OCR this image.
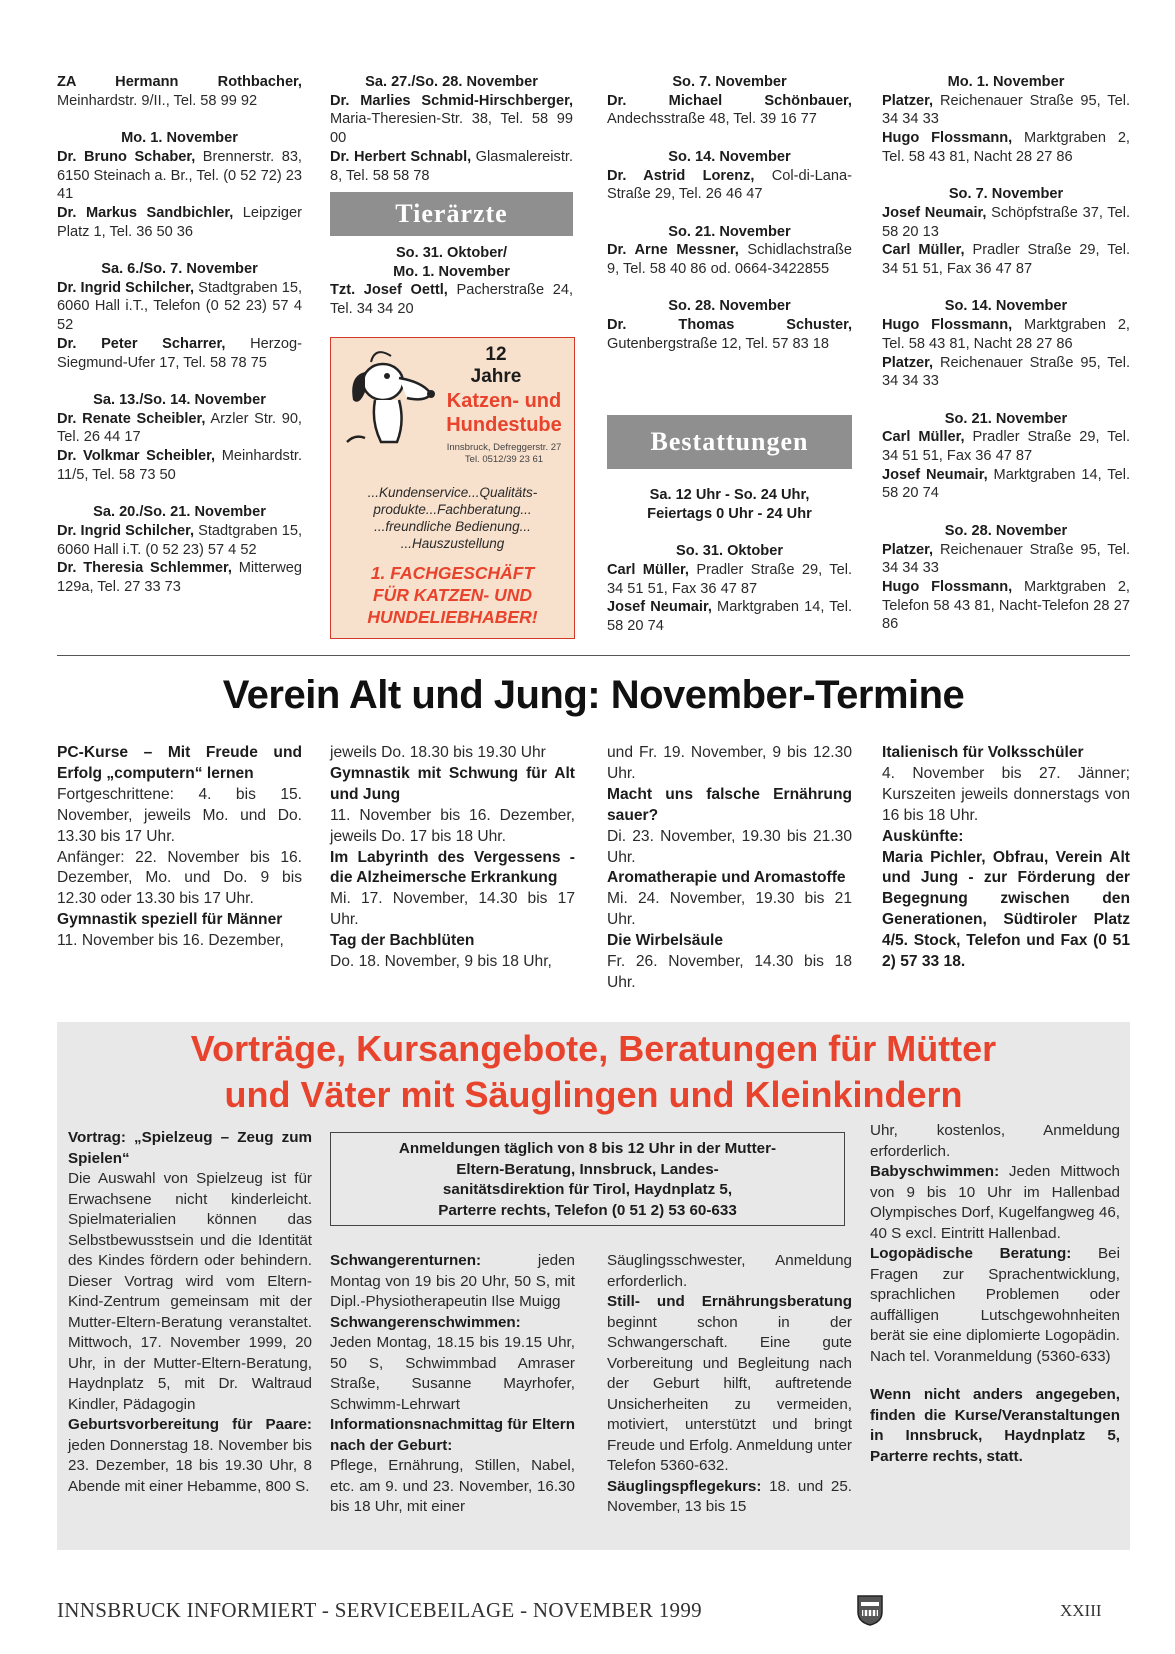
ZA Hermann Rothbacher, Meinhardstr. 9/II., Tel. 58 99 92

Mo. 1. November

Dr. Bruno Schaber, Brennerstr. 83, 6150 Steinach a. Br., Tel. (0 52 72) 23 41

Dr. Markus Sandbichler, Leipziger Platz 1, Tel. 36 50 36

Sa. 6./So. 7. November

Dr. Ingrid Schilcher, Stadtgraben 15, 6060 Hall i.T., Telefon (0 52 23) 57 4 52

Dr. Peter Scharrer, Herzog-Siegmund-Ufer 17, Tel. 58 78 75

Sa. 13./So. 14. November

Dr. Renate Scheibler, Arzler Str. 90, Tel. 26 44 17

Dr. Volkmar Scheibler, Meinhardstr. 11/5, Tel. 58 73 50

Sa. 20./So. 21. November

Dr. Ingrid Schilcher, Stadtgraben 15, 6060 Hall i.T. (0 52 23) 57 4 52

Dr. Theresia Schlemmer, Mitterweg 129a, Tel. 27 33 73

Sa. 27./So. 28. November

Dr. Marlies Schmid-Hirschberger, Maria-Theresien-Str. 38, Tel. 58 99 00

Dr. Herbert Schnabl, Glasmalereistr. 8, Tel. 58 58 78

Tierärzte

So. 31. Oktober/

Mo. 1. November

Tzt. Josef Oettl, Pacherstraße 24, Tel. 34 34 20

12
Jahre
Katzen- und
Hundestube
Innsbruck, Defreggerstr. 27
Tel. 0512/39 23 61
...Kundenservice...Qualitäts-
produkte...Fachberatung...
...freundliche Bedienung...
...Hauszustellung
1. FACHGESCHÄFT
FÜR KATZEN- UND
HUNDELIEBHABER!

So. 7. November

Dr. Michael Schönbauer, Andechsstraße 48, Tel. 39 16 77

So. 14. November

Dr. Astrid Lorenz, Col-di-Lana-Straße 29, Tel. 26 46 47

So. 21. November

Dr. Arne Messner, Schidlachstraße 9, Tel. 58 40 86 od. 0664-3422855

So. 28. November

Dr. Thomas Schuster, Gutenbergstraße 12, Tel. 57 83 18

Bestattungen

Sa. 12 Uhr - So. 24 Uhr,

Feiertags 0 Uhr - 24 Uhr

So. 31. Oktober

Carl Müller, Pradler Straße 29, Tel. 34 51 51, Fax 36 47 87

Josef Neumair, Marktgraben 14, Tel. 58 20 74

Mo. 1. November

Platzer, Reichenauer Straße 95, Tel. 34 34 33

Hugo Flossmann, Marktgraben 2, Tel. 58 43 81, Nacht 28 27 86

So. 7. November

Josef Neumair, Schöpfstraße 37, Tel. 58 20 13

Carl Müller, Pradler Straße 29, Tel. 34 51 51, Fax 36 47 87

So. 14. November

Hugo Flossmann, Marktgraben 2, Tel. 58 43 81, Nacht 28 27 86

Platzer, Reichenauer Straße 95, Tel. 34 34 33

So. 21. November

Carl Müller, Pradler Straße 29, Tel. 34 51 51, Fax 36 47 87

Josef Neumair, Marktgraben 14, Tel. 58 20 74

So. 28. November

Platzer, Reichenauer Straße 95, Tel. 34 34 33

Hugo Flossmann, Marktgraben 2, Telefon 58 43 81, Nacht-Telefon 28 27 86

Verein Alt und Jung: November-Termine

PC-Kurse – Mit Freude und Erfolg „computern“ lernen

Fortgeschrittene: 4. bis 15. November, jeweils Mo. und Do. 13.30 bis 17 Uhr.

Anfänger: 22. November bis 16. Dezember, Mo. und Do. 9 bis 12.30 oder 13.30 bis 17 Uhr.

Gymnastik speziell für Männer

11. November bis 16. Dezember,

jeweils Do. 18.30 bis 19.30 Uhr

Gymnastik mit Schwung für Alt und Jung

11. November bis 16. Dezember, jeweils Do. 17 bis 18 Uhr.

Im Labyrinth des Vergessens - die Alzheimersche Erkrankung

Mi. 17. November, 14.30 bis 17 Uhr.

Tag der Bachblüten

Do. 18. November, 9 bis 18 Uhr,

und Fr. 19. November, 9 bis 12.30 Uhr.

Macht uns falsche Ernährung sauer?

Di. 23. November, 19.30 bis 21.30 Uhr.

Aromatherapie und Aromastoffe

Mi. 24. November, 19.30 bis 21 Uhr.

Die Wirbelsäule

Fr. 26. November, 14.30 bis 18 Uhr.

Italienisch für Volksschüler

4. November bis 27. Jänner; Kurszeiten jeweils donnerstags von 16 bis 18 Uhr.

Auskünfte:

Maria Pichler, Obfrau, Verein Alt und Jung - zur Förderung der Begegnung zwischen den Generationen, Südtiroler Platz 4/5. Stock, Telefon und Fax (0 51 2) 57 33 18.

Vorträge, Kursangebote, Beratungen für Mütter
und Väter mit Säuglingen und Kleinkindern
Anmeldungen täglich von 8 bis 12 Uhr in der Mutter-
Eltern-Beratung, Innsbruck, Landes-
sanitätsdirektion für Tirol, Haydnplatz 5,
Parterre rechts, Telefon (0 51 2) 53 60-633

Vortrag: „Spielzeug – Zeug zum Spielen“

Die Auswahl von Spielzeug ist für Erwachsene nicht kinderleicht. Spielmaterialien können das Selbstbewusstsein und die Identität des Kindes fördern oder behindern. Dieser Vortrag wird vom Eltern-Kind-Zentrum gemeinsam mit der Mutter-Eltern-Beratung veranstaltet. Mittwoch, 17. November 1999, 20 Uhr, in der Mutter-Eltern-Beratung, Haydnplatz 5, mit Dr. Waltraud Kindler, Pädagogin

Geburtsvorbereitung für Paare: jeden Donnerstag 18. November bis 23. Dezember, 18 bis 19.30 Uhr, 8 Abende mit einer Hebamme, 800 S.

Schwangerenturnen: jeden Montag von 19 bis 20 Uhr, 50 S, mit Dipl.-Physiotherapeutin Ilse Muigg

Schwangerenschwimmen:

Jeden Montag, 18.15 bis 19.15 Uhr, 50 S, Schwimmbad Amraser Straße, Susanne Mayrhofer, Schwimm-Lehrwart

Informationsnachmittag für Eltern nach der Geburt:

Pflege, Ernährung, Stillen, Nabel, etc. am 9. und 23. November, 16.30 bis 18 Uhr, mit einer

Säuglingsschwester, Anmeldung erforderlich.

Still- und Ernährungsberatung beginnt schon in der Schwangerschaft. Eine gute Vorbereitung und Begleitung nach der Geburt hilft, auftretende Unsicherheiten zu vermeiden, motiviert, unterstützt und bringt Freude und Erfolg. Anmeldung unter Telefon 5360-632.

Säuglingspflegekurs: 18. und 25. November, 13 bis 15

Uhr, kostenlos, Anmeldung erforderlich.

Babyschwimmen: Jeden Mittwoch von 9 bis 10 Uhr im Hallenbad Olympisches Dorf, Kugelfangweg 46, 40 S excl. Eintritt Hallenbad.

Logopädische Beratung: Bei Fragen zur Sprachentwicklung, sprachlichen Problemen oder auffälligen Lutschgewohnheiten berät sie eine diplomierte Logopädin. Nach tel. Voranmeldung (5360-633)

Wenn nicht anders angegeben, finden die Kurse/Veranstaltungen in Innsbruck, Haydnplatz 5, Parterre rechts, statt.

INNSBRUCK INFORMIERT - SERVICEBEILAGE - NOVEMBER 1999	XXIII
